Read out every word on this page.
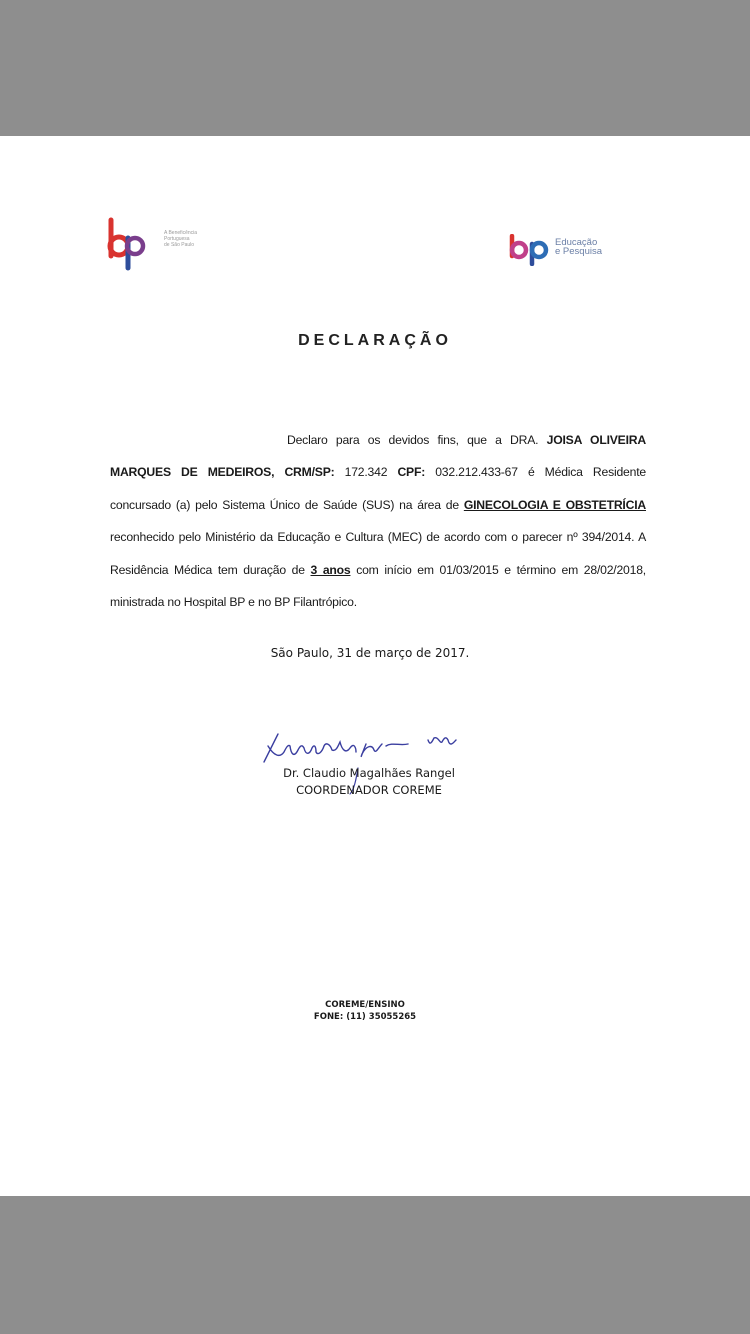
A Beneficência
Portuguesa
de São Paulo	Educação
e Pesquisa
DECLARAÇÃO
Declaro para os devidos fins, que a DRA. JOISA OLIVEIRA MARQUES DE MEDEIROS, CRM/SP: 172.342 CPF: 032.212.433-67 é Médica Residente concursado (a) pelo Sistema Único de Saúde (SUS) na área de GINECOLOGIA E OBSTETRÍCIA reconhecido pelo Ministério da Educação e Cultura (MEC) de acordo com o parecer nº 394/2014. A Residência Médica tem duração de 3 anos com início em 01/03/2015 e término em 28/02/2018, ministrada no Hospital BP e no BP Filantrópico.
São Paulo, 31 de março de 2017.
Dr. Claudio Magalhães Rangel
COORDENADOR COREME
COREME/ENSINO
FONE: (11) 35055265
